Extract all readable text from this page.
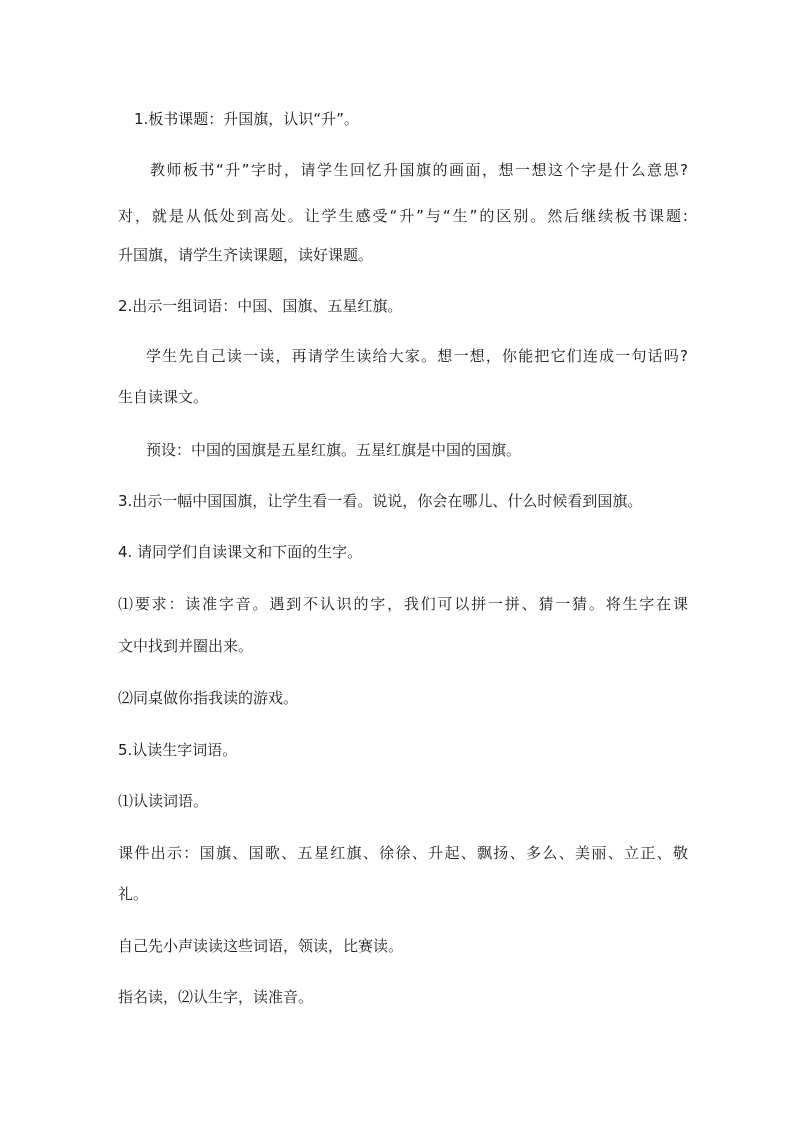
1.板书课题：升国旗，认识“升”。
教师板书“升”字时，请学生回忆升国旗的画面，想一想这个字是什么意思?
对，就是从低处到高处。让学生感受“升”与“生”的区别。然后继续板书课题:
升国旗，请学生齐读课题，读好课题。
2.出示一组词语：中国、国旗、五星红旗。
学生先自己读一读，再请学生读给大家。想一想，你能把它们连成一句话吗?
生自读课文。
预设：中国的国旗是五星红旗。五星红旗是中国的国旗。
3.出示一幅中国国旗，让学生看一看。说说，你会在哪儿、什么时候看到国旗。
4. 请同学们自读课文和下面的生字。
⑴要求：读准字音。遇到不认识的字，我们可以拼一拼、猜一猜。将生字在课
文中找到并圈出来。
⑵同桌做你指我读的游戏。
5.认读生字词语。
⑴认读词语。
课件出示：国旗、国歌、五星红旗、徐徐、升起、飘扬、多么、美丽、立正、敬
礼。
自己先小声读读这些词语，领读，比赛读。
指名读，⑵认生字，读准音。
